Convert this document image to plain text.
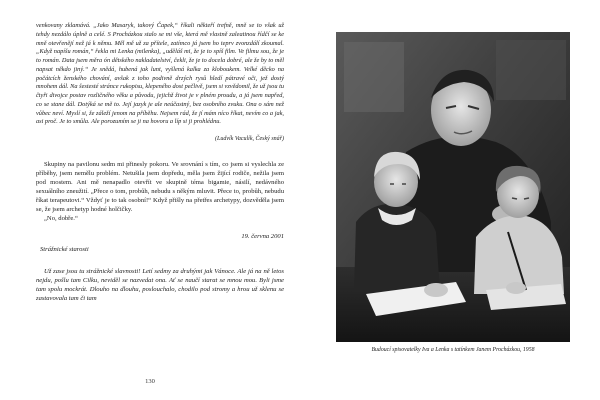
venkovany zklamává. „Jako Masaryk, takový Čapek,“ říkali někteří trefně, mně se to však už tehdy nezdálo úplně a celé. S Procházkou stalo se mi vše, která mě vlastně zaleatinou řídčí se ke mně otevřenějí než já k němu. Měl mě už za přítele, zatímco já jsem ho teprv zvonzdálí zkoumal. „Když napíšu román,“ řekla mi Lenka (milenka), „uděláš mi, že je to spíš film. Ve filmu sou, že je to román. Data jsem měra ón dětského nakladatelství, čekli, že je to docela dobré, ale že by to měl napsat někdo jiný.“ Je snědá, hubená jak lunt, vyšlená kalka za kloboukem. Velké děcko na počátcích ženského chování, avšak z toho podivně drzých rysů hledí pátravé oči, jež dostý mnohem dál. Na šestesté stránce rukopisu, klepeného dost pečlivě, jsem si vzvědomil, že už jsou tu čtyři divojce postav rozličného věku a původu, jejichž život je v plném proudu, a já jsem napřed, co se stane dál. Dotýká se mě to. Její jazyk je ale neúčastný, bez osobního zvuku. Ona o sám než vůbec neví. Myslí si, že záleží jenom na příběhu. Nejsem rád, že jí mám níco říkat, nevím co a jak, asi proč. Je to smůla. Ale porozumím se ji na hovoru a líp si ji prohlédnu.

(Ludvík Vaculík, Český snář)

Skupiny na pavilonu sedm mi přinesly pokoru. Ve srovnání s tím, co jsem si vyslechla ze příběhy, jsem nemělu problém. Netušila jsem dopředu, měla jsem žijící rodiče, nežila jsem pod mostem. Ani mě nenapadlo otevřít ve skupině téma bigamie, násilí, nedávného sexuálního zneužití. „Přece o tom, probůh, nebudu s někým mluvit. Přece to, probůh, nebudu říkat terapeutovi.“ Vždyť je to tak osobní!“ Když přišly na přetřes archetypy, dozvěděla jsem se, že jsem archetyp hodné holčičky.

„No, dobře.“

19. června 2001

Strážnické starosti

Už zase jsou tu strážnické slavnosti! Letí sedmy za druhými jak Vánoce. Ale já na ně letos nejdu, pošlu tam Cilku, neviděl se nazvedat ona. Ať se naučí starat se mnou mou. Byli jsme tam spolu mockrát. Dlouho na dlouhu, poslouchalo, chodilo pod stromy a hrou už sklenu se zastavovala tam či tam

130
Budoucí spisovatelky Iva a Lenka s tatínkem Janem Procházkou, 1958
